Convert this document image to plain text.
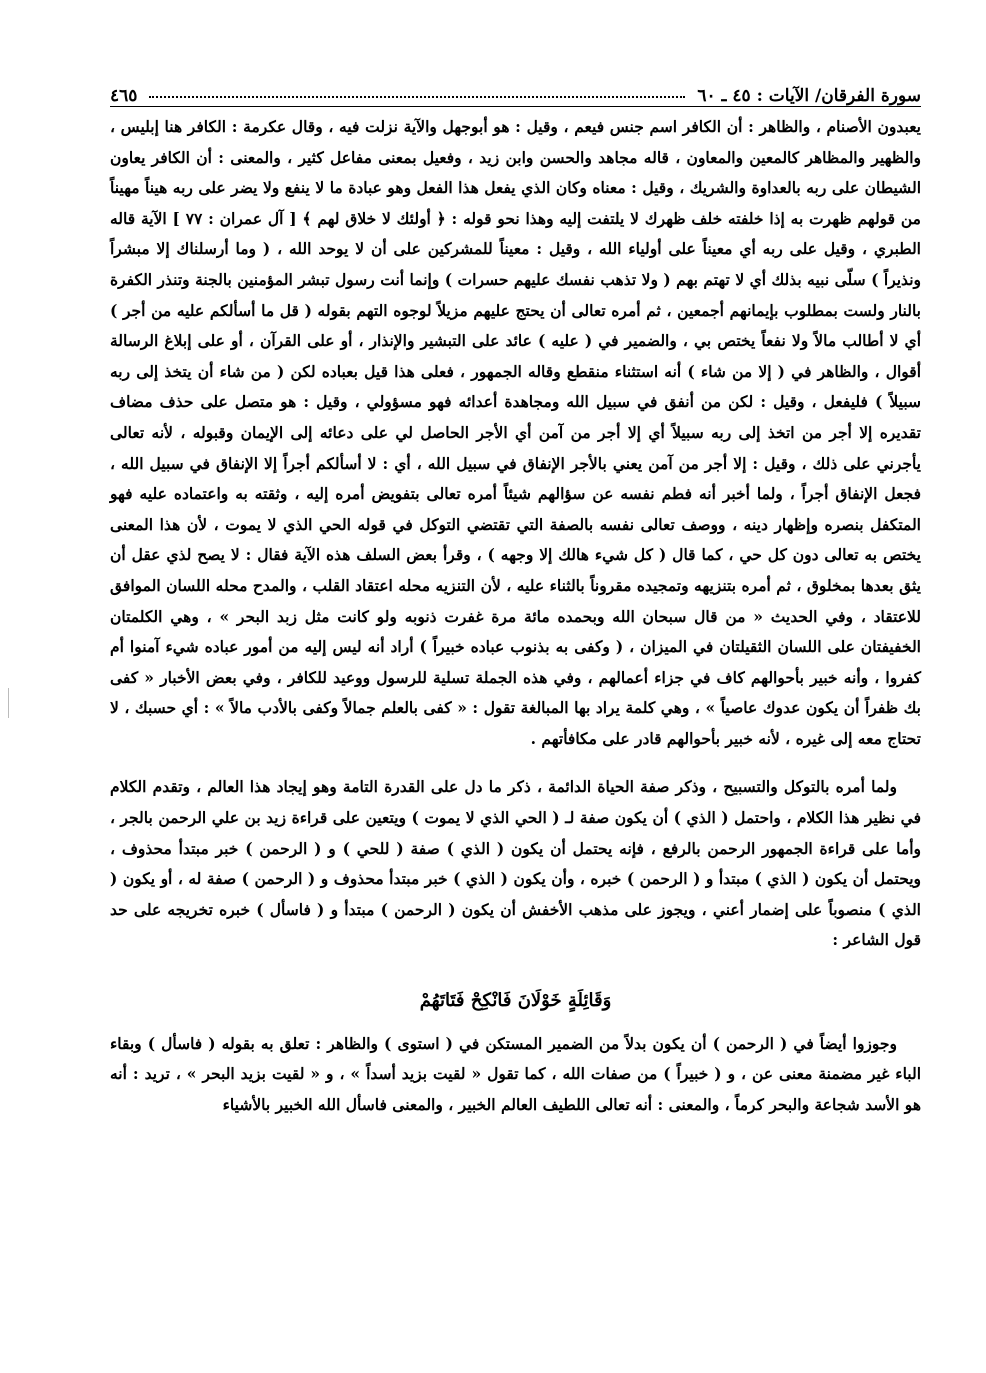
سورة الفرقان/ الآيات : ٤٥ ـ ٦٠
٤٦٥

يعبدون الأصنام ، والظاهر : أن الكافر اسم جنس فيعم ، وقيل : هو أبوجهل والآية نزلت فيه ، وقال عكرمة : الكافر هنا إبليس ، والظهير والمظاهر كالمعين والمعاون ، قاله مجاهد والحسن وابن زيد ، وفعيل بمعنى مفاعل كثير ، والمعنى : أن الكافر يعاون الشيطان على ربه بالعداوة والشريك ، وقيل : معناه وكان الذي يفعل هذا الفعل وهو عبادة ما لا ينفع ولا يضر على ربه هيناً مهيناً من قولهم ظهرت به إذا خلفته خلف ظهرك لا يلتفت إليه وهذا نحو قوله : ﴿ أولئك لا خلاق لهم ﴾ [ آل عمران : ٧٧ ] الآية قاله الطبري ، وقيل على ربه أي معيناً على أولياء الله ، وقيل : معيناً للمشركين على أن لا يوحد الله ، ( وما أرسلناك إلا مبشراً ونذيراً ) سلّى نبيه بذلك أي لا تهتم بهم ( ولا تذهب نفسك عليهم حسرات ) وإنما أنت رسول تبشر المؤمنين بالجنة وتنذر الكفرة بالنار ولست بمطلوب بإيمانهم أجمعين ، ثم أمره تعالى أن يحتج عليهم مزيلاً لوجوه التهم بقوله ( قل ما أسألكم عليه من أجر ) أي لا أطالب مالاً ولا نفعاً يختص بي ، والضمير في ( عليه ) عائد على التبشير والإنذار ، أو على القرآن ، أو على إبلاغ الرسالة أقوال ، والظاهر في ( إلا من شاء ) أنه استثناء منقطع وقاله الجمهور ، فعلى هذا قيل بعباده لكن ( من شاء أن يتخذ إلى ربه سبيلاً ) فليفعل ، وقيل : لكن من أنفق في سبيل الله ومجاهدة أعدائه فهو مسؤولي ، وقيل : هو متصل على حذف مضاف تقديره إلا أجر من اتخذ إلى ربه سبيلاً أي إلا أجر من آمن أي الأجر الحاصل لي على دعائه إلى الإيمان وقبوله ، لأنه تعالى يأجرني على ذلك ، وقيل : إلا أجر من آمن يعني بالأجر الإنفاق في سبيل الله ، أي : لا أسألكم أجراً إلا الإنفاق في سبيل الله ، فجعل الإنفاق أجراً ، ولما أخبر أنه فطم نفسه عن سؤالهم شيئاً أمره تعالى بتفويض أمره إليه ، وثقته به واعتماده عليه فهو المتكفل بنصره وإظهار دينه ، ووصف تعالى نفسه بالصفة التي تقتضي التوكل في قوله الحي الذي لا يموت ، لأن هذا المعنى يختص به تعالى دون كل حي ، كما قال ( كل شيء هالك إلا وجهه ) ، وقرأ بعض السلف هذه الآية فقال : لا يصح لذي عقل أن يثق بعدها بمخلوق ، ثم أمره بتنزيهه وتمجيده مقروناً بالثناء عليه ، لأن التنزيه محله اعتقاد القلب ، والمدح محله اللسان الموافق للاعتقاد ، وفي الحديث « من قال سبحان الله وبحمده مائة مرة غفرت ذنوبه ولو كانت مثل زبد البحر » ، وهي الكلمتان الخفيفتان على اللسان الثقيلتان في الميزان ، ( وكفى به بذنوب عباده خبيراً ) أراد أنه ليس إليه من أمور عباده شيء آمنوا أم كفروا ، وأنه خبير بأحوالهم كاف في جزاء أعمالهم ، وفي هذه الجملة تسلية للرسول ووعيد للكافر ، وفي بعض الأخبار « كفى بك ظفراً أن يكون عدوك عاصياً » ، وهي كلمة يراد بها المبالغة تقول : « كفى بالعلم جمالاً وكفى بالأدب مالاً » : أي حسبك ، لا تحتاج معه إلى غيره ، لأنه خبير بأحوالهم قادر على مكافأتهم .

ولما أمره بالتوكل والتسبيح ، وذكر صفة الحياة الدائمة ، ذكر ما دل على القدرة التامة وهو إيجاد هذا العالم ، وتقدم الكلام في نظير هذا الكلام ، واحتمل ( الذي ) أن يكون صفة لـ ( الحي الذي لا يموت ) ويتعين على قراءة زيد بن علي الرحمن بالجر ، وأما على قراءة الجمهور الرحمن بالرفع ، فإنه يحتمل أن يكون ( الذي ) صفة ( للحي ) و ( الرحمن ) خبر مبتدأ محذوف ، ويحتمل أن يكون ( الذي ) مبتدأ و ( الرحمن ) خبره ، وأن يكون ( الذي ) خبر مبتدأ محذوف و ( الرحمن ) صفة له ، أو يكون ( الذي ) منصوباً على إضمار أعني ، ويجوز على مذهب الأخفش أن يكون ( الرحمن ) مبتدأ و ( فاسأل ) خبره تخريجه على حد قول الشاعر :

وَقَائِلَةٍ خَوْلَانَ فَانْكِحْ فَتَاتَهُمْ

وجوزوا أيضاً في ( الرحمن ) أن يكون بدلاً من الضمير المستكن في ( استوى ) والظاهر : تعلق به بقوله ( فاسأل ) وبقاء الباء غير مضمنة معنى عن ، و ( خبيراً ) من صفات الله ، كما تقول « لقيت بزيد أسداً » ، و « لقيت بزيد البحر » ، تريد : أنه هو الأسد شجاعة والبحر كرماً ، والمعنى : أنه تعالى اللطيف العالم الخبير ، والمعنى فاسأل الله الخبير بالأشياء
